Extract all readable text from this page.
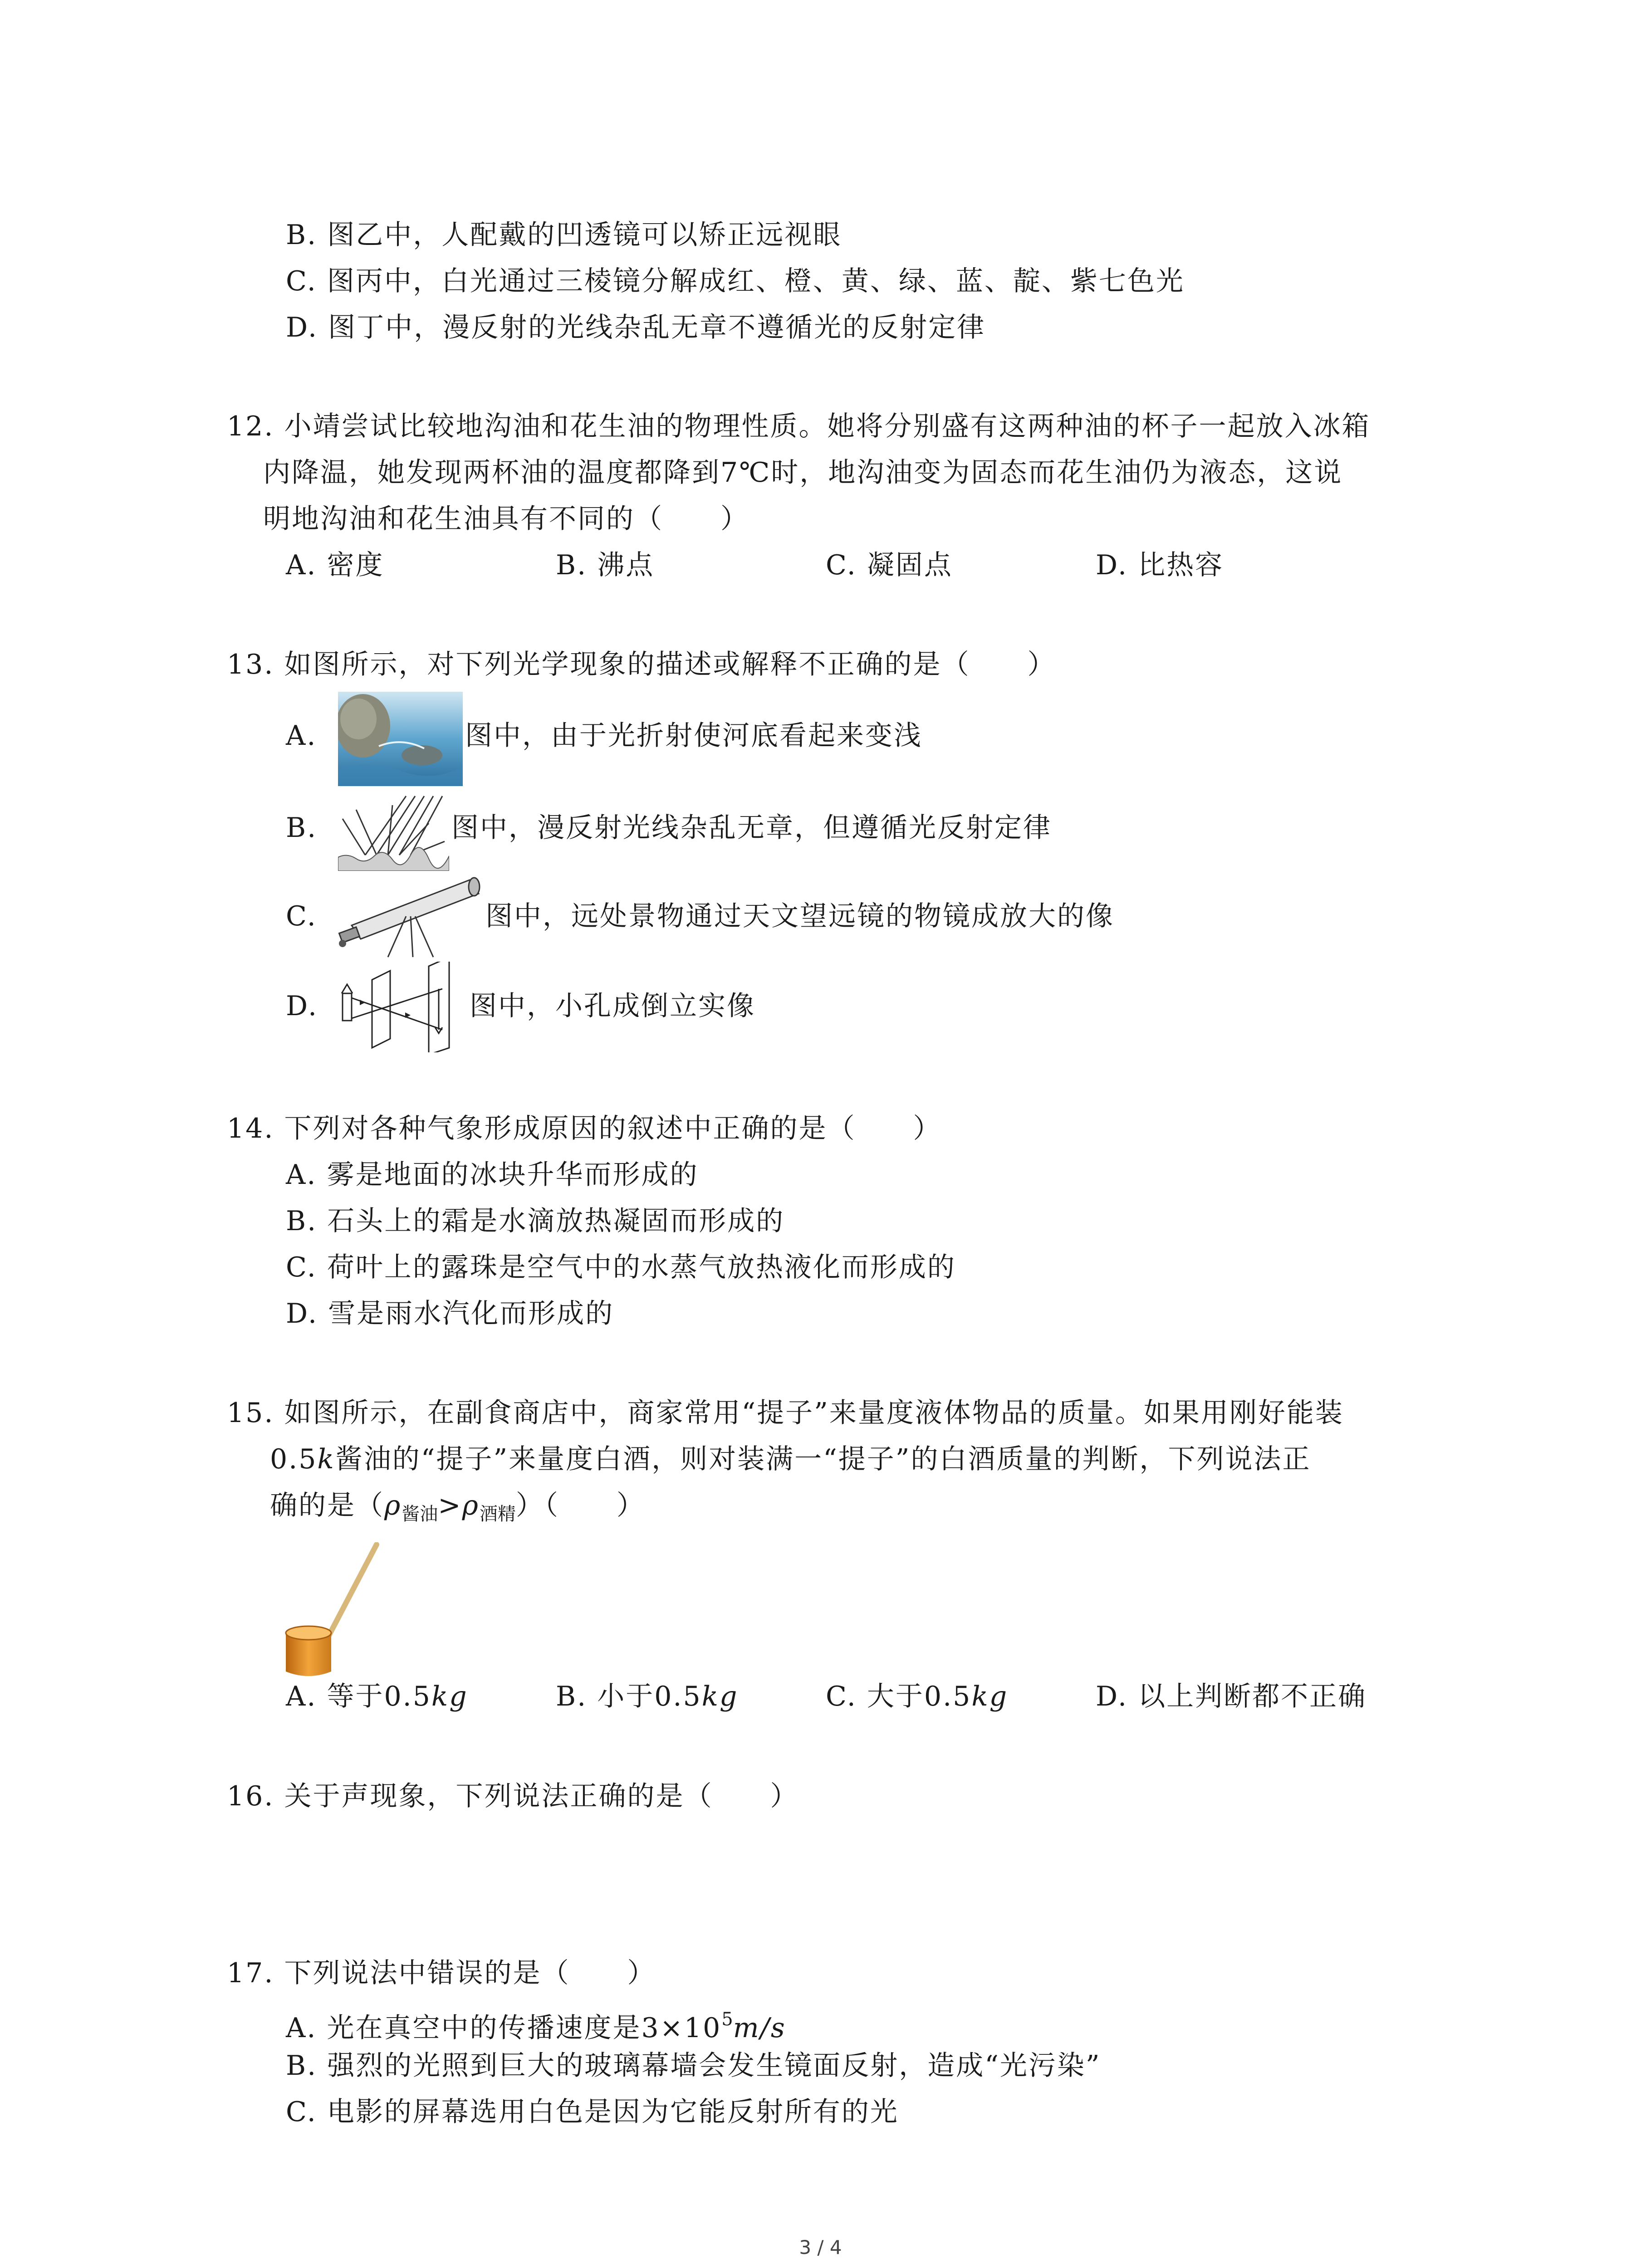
B. 图乙中，人配戴的凹透镜可以矫正远视眼
C. 图丙中，白光通过三棱镜分解成红、橙、黄、绿、蓝、靛、紫七色光
D. 图丁中，漫反射的光线杂乱无章不遵循光的反射定律
12. 小靖尝试比较地沟油和花生油的物理性质。她将分别盛有这两种油的杯子一起放入冰箱
内降温，她发现两杯油的温度都降到7℃时，地沟油变为固态而花生油仍为液态，这说
明地沟油和花生油具有不同的（　　）
A. 密度	B. 沸点	C. 凝固点	D. 比热容
13. 如图所示，对下列光学现象的描述或解释不正确的是（　　）
A.	图中，由于光折射使河底看起来变浅
B.	图中，漫反射光线杂乱无章，但遵循光反射定律
C.	图中，远处景物通过天文望远镜的物镜成放大的像
D.	图中，小孔成倒立实像
14. 下列对各种气象形成原因的叙述中正确的是（　　）
A. 雾是地面的冰块升华而形成的
B. 石头上的霜是水滴放热凝固而形成的
C. 荷叶上的露珠是空气中的水蒸气放热液化而形成的
D. 雪是雨水汽化而形成的
15. 如图所示，在副食商店中，商家常用“提子”来量度液体物品的质量。如果用刚好能装
0.5k酱油的“提子”来量度白酒，则对装满一“提子”的白酒质量的判断，下列说法正
确的是$(\rho_{酱油}>\rho_{酒精})$（　　）
A. 等于0.5kg	B. 小于0.5kg	C. 大于0.5kg	D. 以上判断都不正确
16. 关于声现象，下列说法正确的是（　　）
17. 下列说法中错误的是（　　）
A. 光在真空中的传播速度是$3\times 10^5m/s$
B. 强烈的光照到巨大的玻璃幕墙会发生镜面反射，造成“光污染”
C. 电影的屏幕选用白色是因为它能反射所有的光
3 / 4
